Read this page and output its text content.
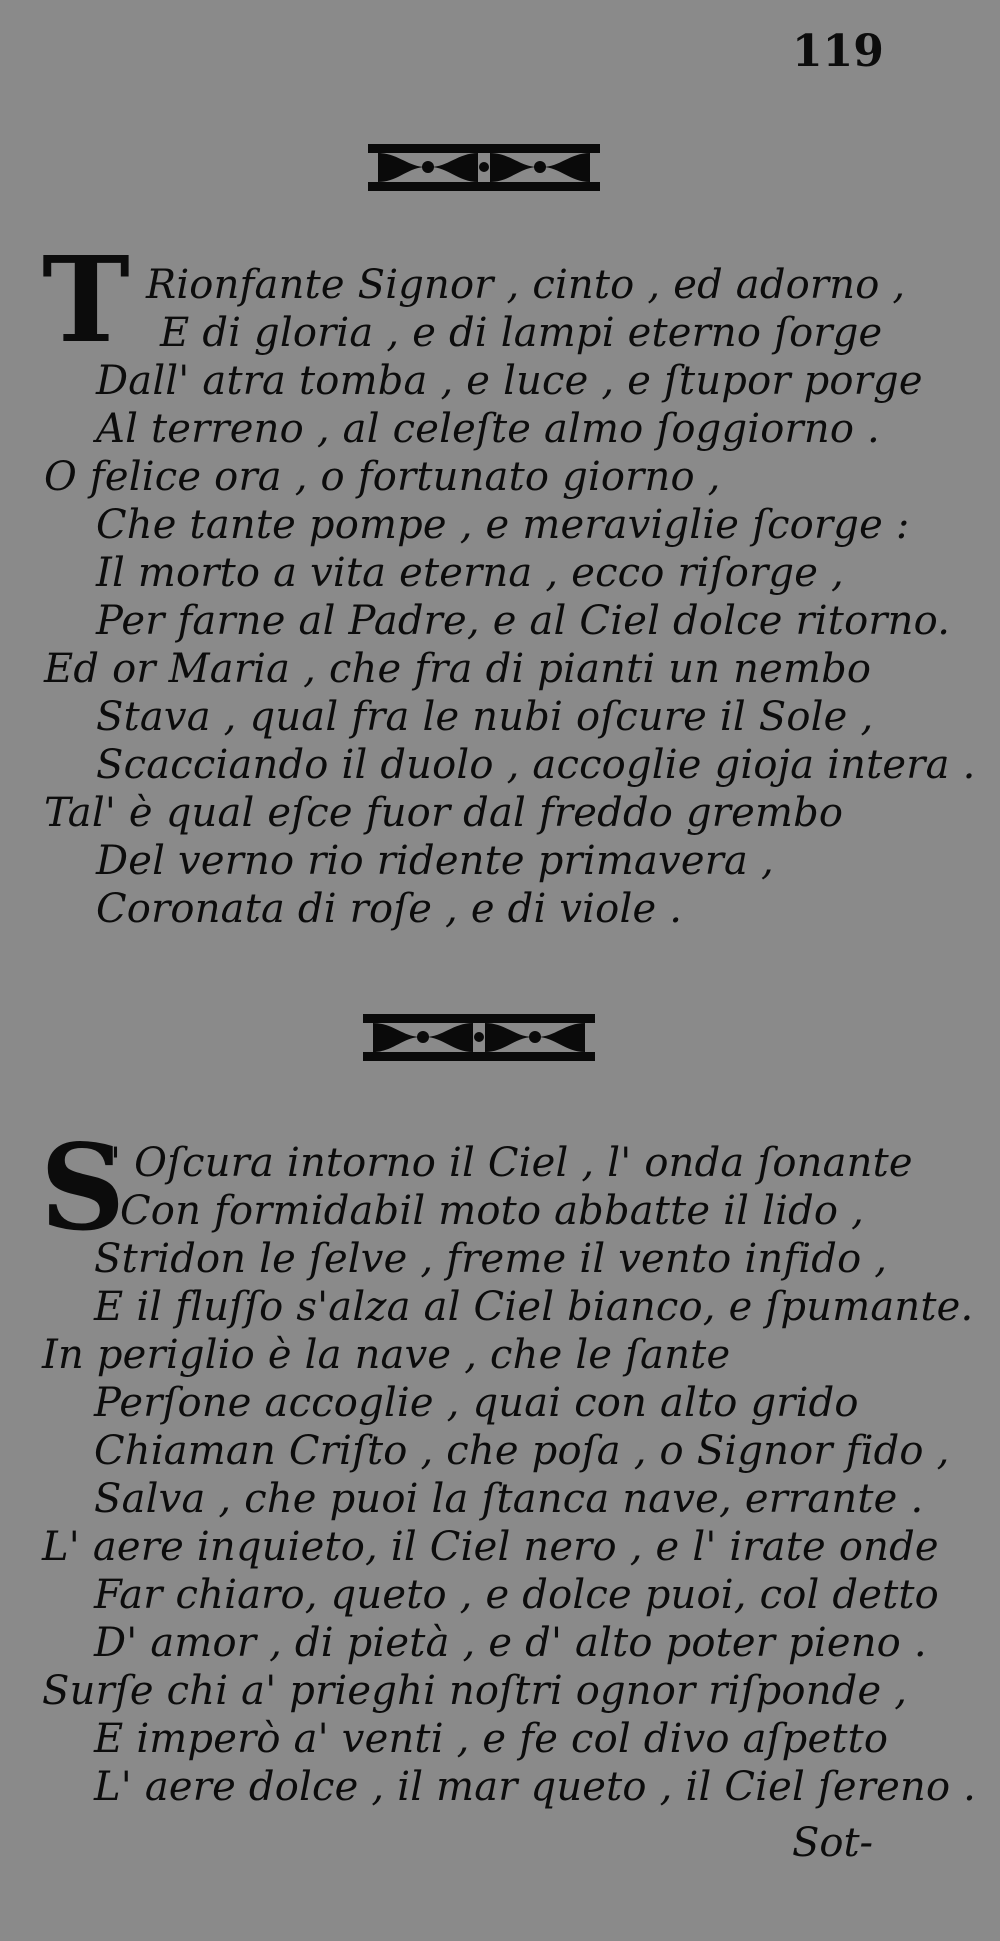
119
T Rionfante Signor , cinto , ed adorno ,
E di gloria , e di lampi eterno ſorge
Dall' atra tomba , e luce , e ſtupor porge
Al terreno , al celeſte almo ſoggiorno .
O felice ora , o fortunato giorno ,
Che tante pompe , e meraviglie ſcorge :
Il morto a vita eterna , ecco riſorge ,
Per farne al Padre, e al Ciel dolce ritorno.
Ed or Maria , che fra di pianti un nembo
Stava , qual fra le nubi oſcure il Sole ,
Scacciando il duolo , accoglie gioja intera .
Tal' è qual eſce fuor dal freddo grembo
Del verno rio ridente primavera ,
Coronata di roſe , e di viole .
S
' Oſcura intorno il Ciel , l' onda ſonante
Con formidabil moto abbatte il lido ,
Stridon le ſelve , freme il vento infido ,
E il fluſſo s'alza al Ciel bianco, e ſpumante.
In periglio è la nave , che le ſante
Perſone accoglie , quai con alto grido
Chiaman Criſto , che poſa , o Signor fido ,
Salva , che puoi la ſtanca nave, errante .
L' aere inquieto, il Ciel nero , e l' irate onde
Far chiaro, queto , e dolce puoi, col detto
D' amor , di pietà , e d' alto poter pieno .
Surſe chi a' prieghi noſtri ognor riſponde ,
E imperò a' venti , e fe col divo aſpetto
L' aere dolce , il mar queto , il Ciel ſereno .
Sot-
